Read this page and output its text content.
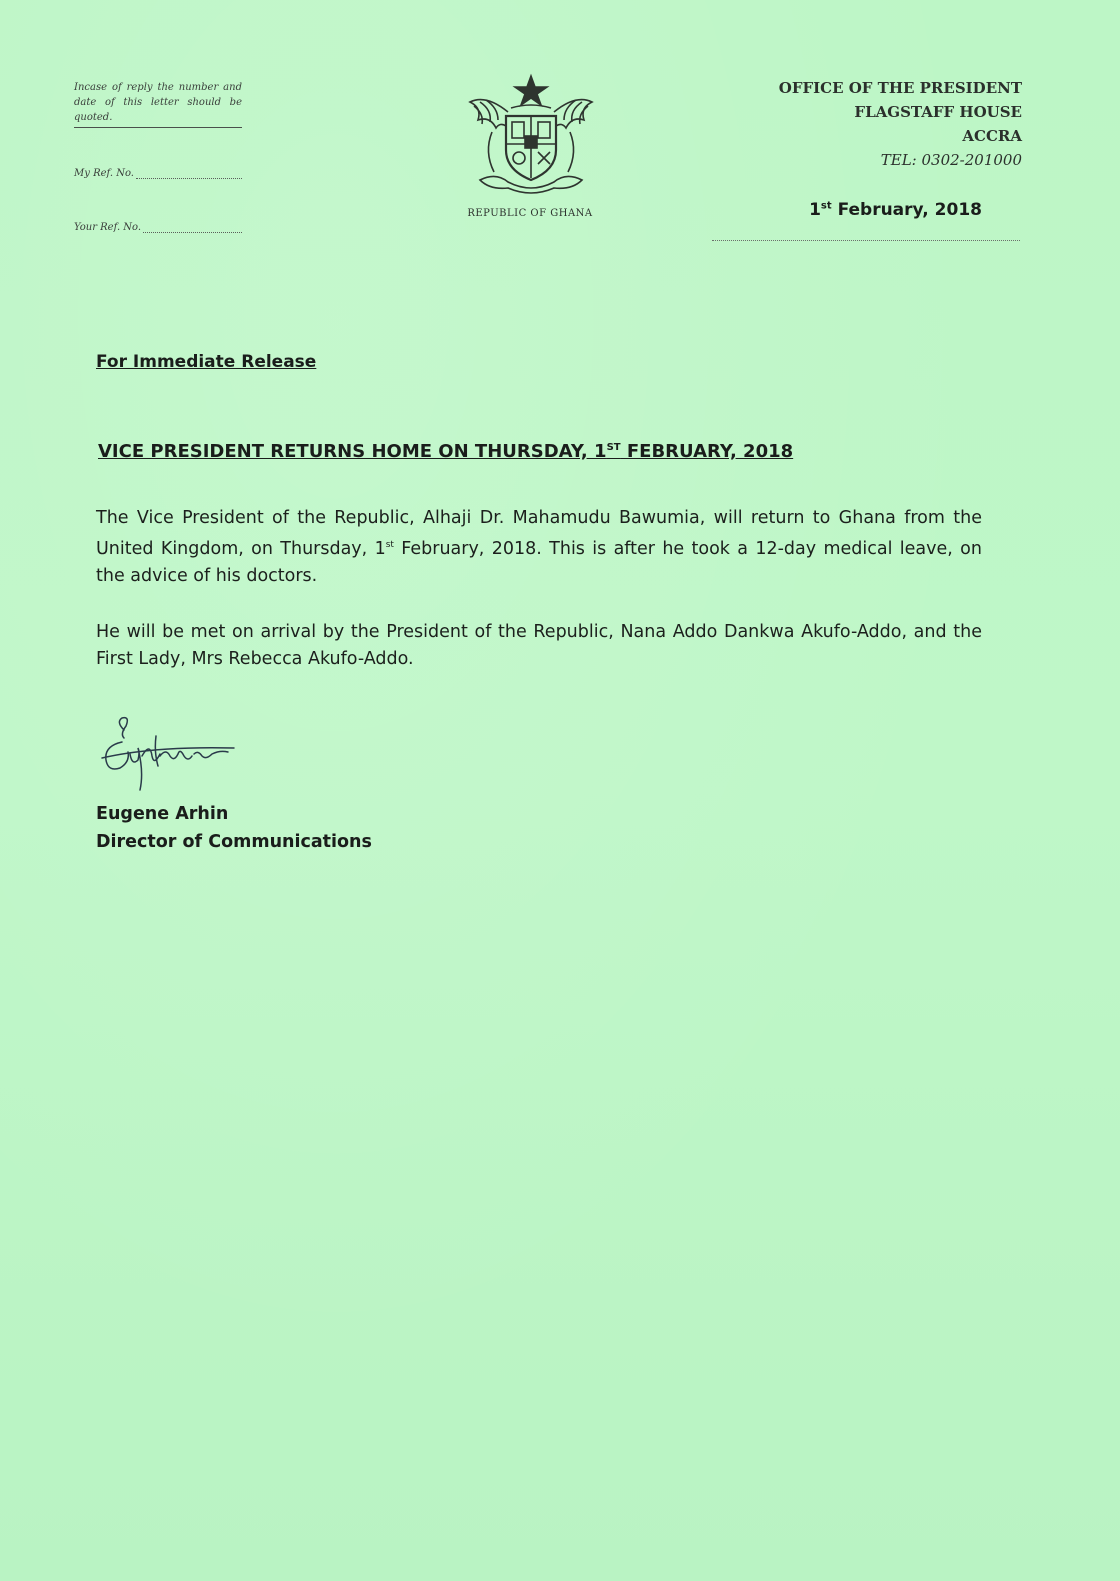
Incase of reply the number and date of this letter should be quoted.
My Ref. No.
Your Ref. No.
REPUBLIC OF GHANA
OFFICE OF THE PRESIDENT
FLAGSTAFF HOUSE
ACCRA
TEL: 0302-201000
1st February, 2018
For Immediate Release
VICE PRESIDENT RETURNS HOME ON THURSDAY, 1ST FEBRUARY, 2018
The Vice President of the Republic, Alhaji Dr. Mahamudu Bawumia, will return to Ghana from the United Kingdom, on Thursday, 1st February, 2018. This is after he took a 12-day medical leave, on the advice of his doctors.
He will be met on arrival by the President of the Republic, Nana Addo Dankwa Akufo-Addo, and the First Lady, Mrs Rebecca Akufo-Addo.
Eugene Arhin
Director of Communications
